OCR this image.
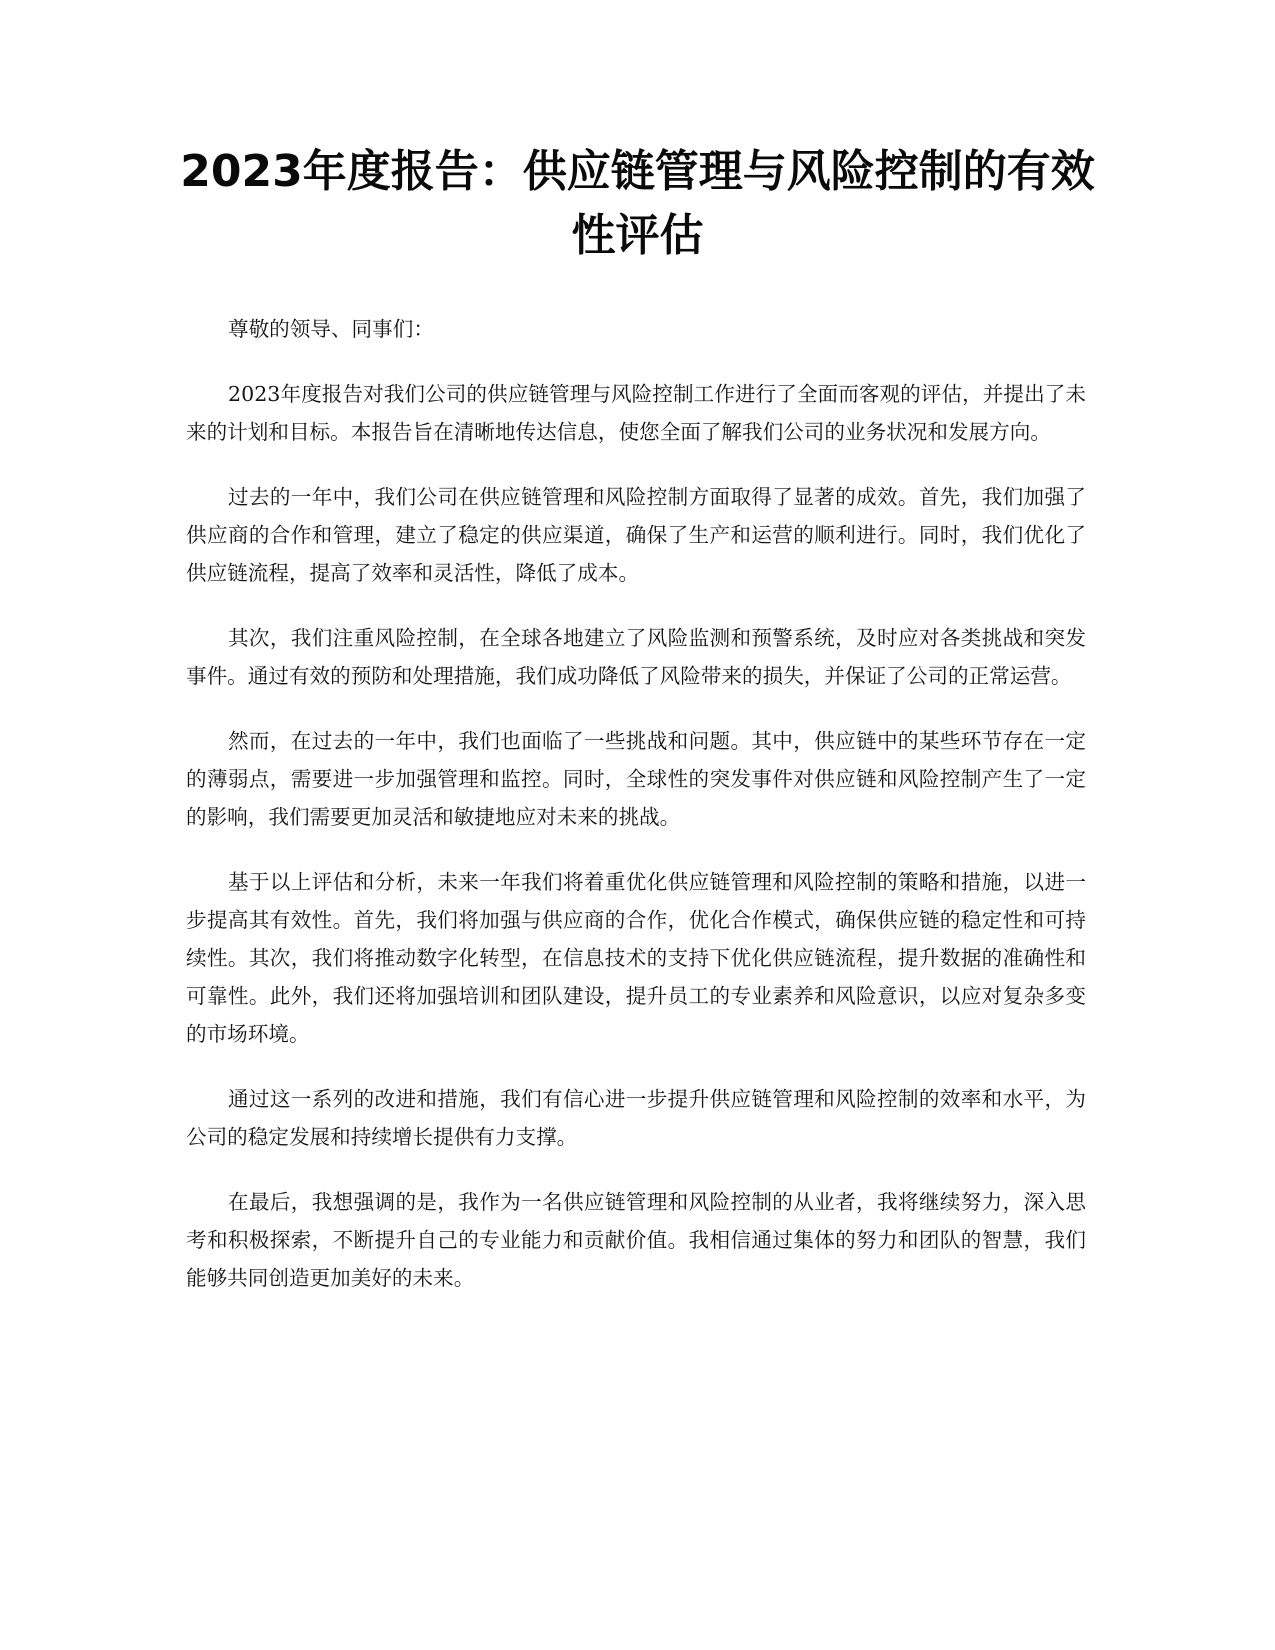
2023年度报告：供应链管理与风险控制的有效性评估

尊敬的领导、同事们：

2023年度报告对我们公司的供应链管理与风险控制工作进行了全面而客观的评估，并提出了未来的计划和目标。本报告旨在清晰地传达信息，使您全面了解我们公司的业务状况和发展方向。

过去的一年中，我们公司在供应链管理和风险控制方面取得了显著的成效。首先，我们加强了供应商的合作和管理，建立了稳定的供应渠道，确保了生产和运营的顺利进行。同时，我们优化了供应链流程，提高了效率和灵活性，降低了成本。

其次，我们注重风险控制，在全球各地建立了风险监测和预警系统，及时应对各类挑战和突发事件。通过有效的预防和处理措施，我们成功降低了风险带来的损失，并保证了公司的正常运营。

然而，在过去的一年中，我们也面临了一些挑战和问题。其中，供应链中的某些环节存在一定的薄弱点，需要进一步加强管理和监控。同时，全球性的突发事件对供应链和风险控制产生了一定的影响，我们需要更加灵活和敏捷地应对未来的挑战。

基于以上评估和分析，未来一年我们将着重优化供应链管理和风险控制的策略和措施，以进一步提高其有效性。首先，我们将加强与供应商的合作，优化合作模式，确保供应链的稳定性和可持续性。其次，我们将推动数字化转型，在信息技术的支持下优化供应链流程，提升数据的准确性和可靠性。此外，我们还将加强培训和团队建设，提升员工的专业素养和风险意识，以应对复杂多变的市场环境。

通过这一系列的改进和措施，我们有信心进一步提升供应链管理和风险控制的效率和水平，为公司的稳定发展和持续增长提供有力支撑。

在最后，我想强调的是，我作为一名供应链管理和风险控制的从业者，我将继续努力，深入思考和积极探索，不断提升自己的专业能力和贡献价值。我相信通过集体的努力和团队的智慧，我们能够共同创造更加美好的未来。
